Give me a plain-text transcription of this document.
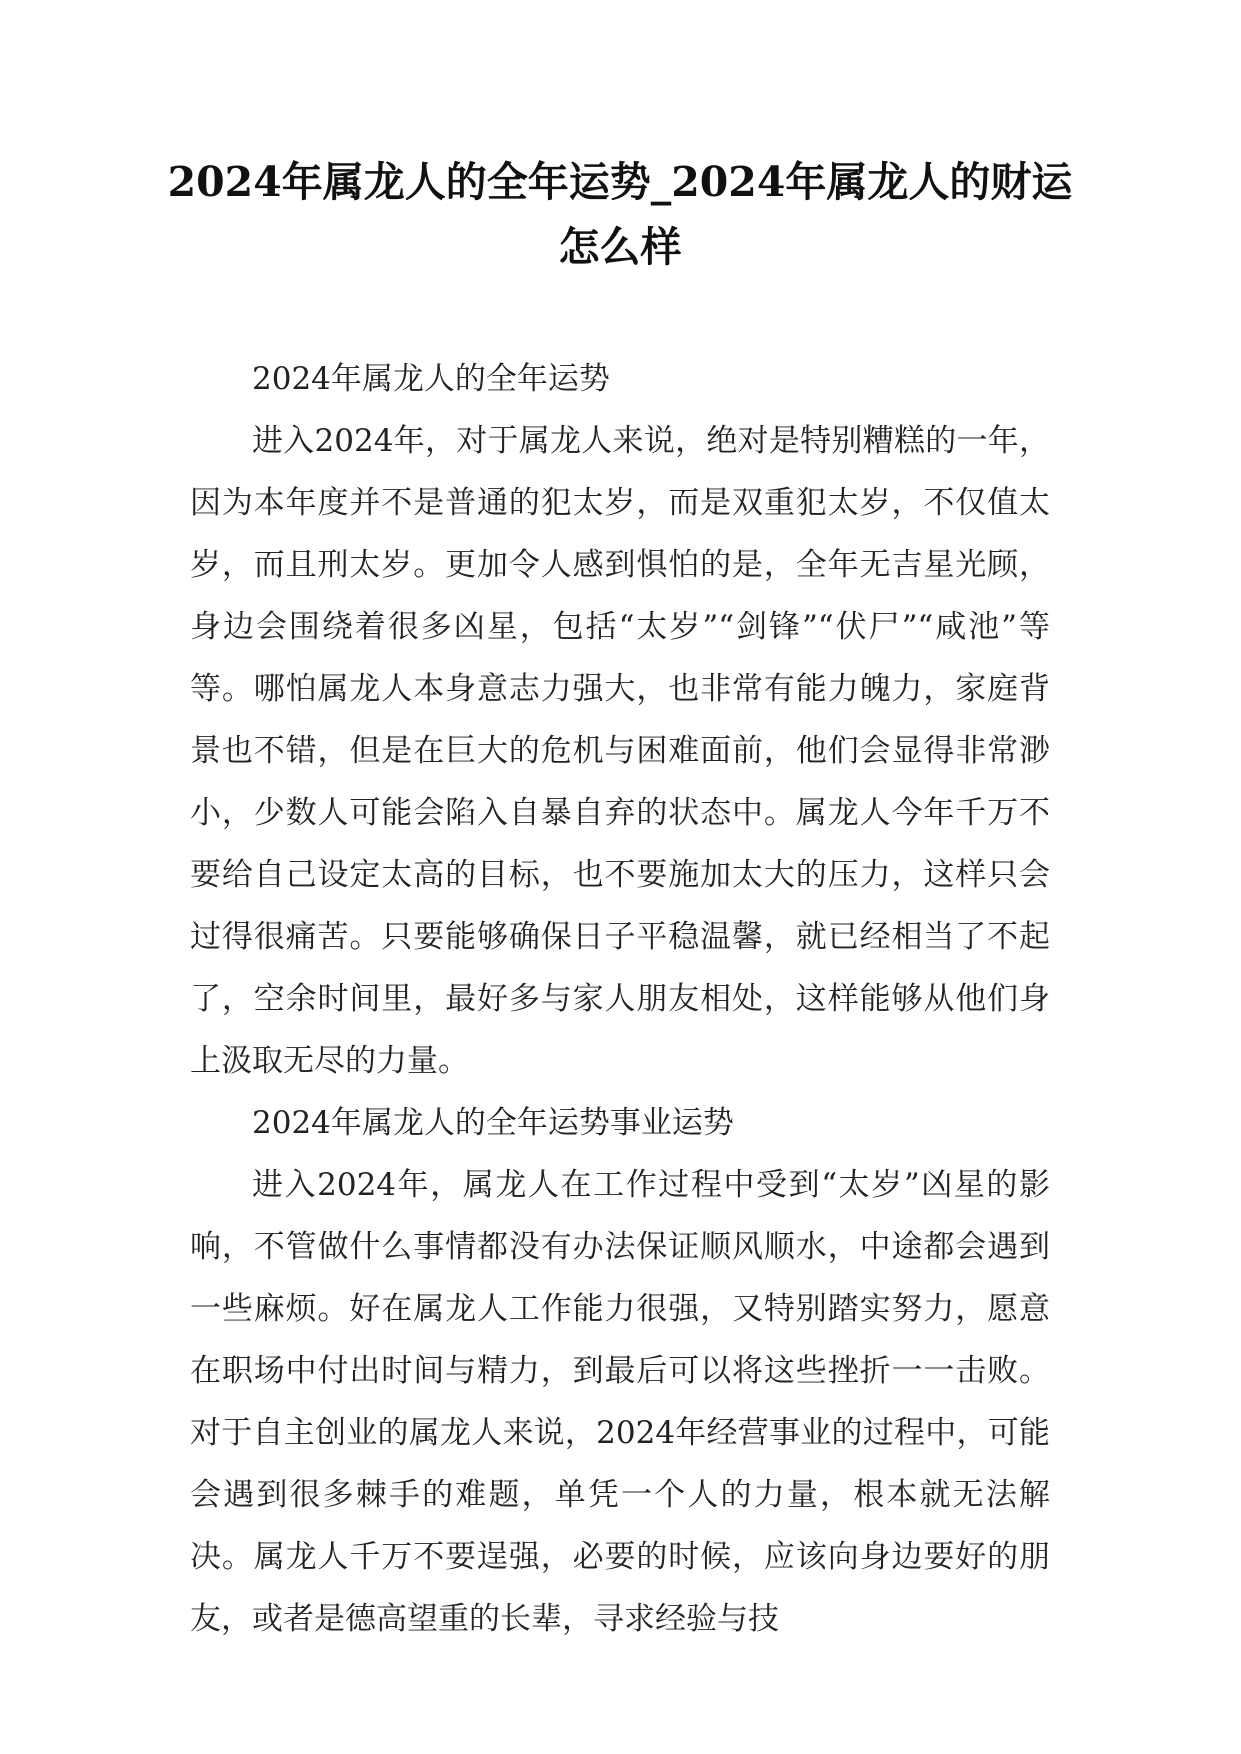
2024年属龙人的全年运势_2024年属龙人的财运怎么样

2024年属龙人的全年运势

进入2024年，对于属龙人来说，绝对是特别糟糕的一年，因为本年度并不是普通的犯太岁，而是双重犯太岁，不仅值太岁，而且刑太岁。更加令人感到惧怕的是，全年无吉星光顾，身边会围绕着很多凶星，包括“太岁”“剑锋”“伏尸”“咸池”等等。哪怕属龙人本身意志力强大，也非常有能力魄力，家庭背景也不错，但是在巨大的危机与困难面前，他们会显得非常渺小，少数人可能会陷入自暴自弃的状态中。属龙人今年千万不要给自己设定太高的目标，也不要施加太大的压力，这样只会过得很痛苦。只要能够确保日子平稳温馨，就已经相当了不起了，空余时间里，最好多与家人朋友相处，这样能够从他们身上汲取无尽的力量。

2024年属龙人的全年运势事业运势

进入2024年，属龙人在工作过程中受到“太岁”凶星的影响，不管做什么事情都没有办法保证顺风顺水，中途都会遇到一些麻烦。好在属龙人工作能力很强，又特别踏实努力，愿意在职场中付出时间与精力，到最后可以将这些挫折一一击败。对于自主创业的属龙人来说，2024年经营事业的过程中，可能会遇到很多棘手的难题，单凭一个人的力量，根本就无法解决。属龙人千万不要逞强，必要的时候，应该向身边要好的朋友，或者是德高望重的长辈，寻求经验与技
